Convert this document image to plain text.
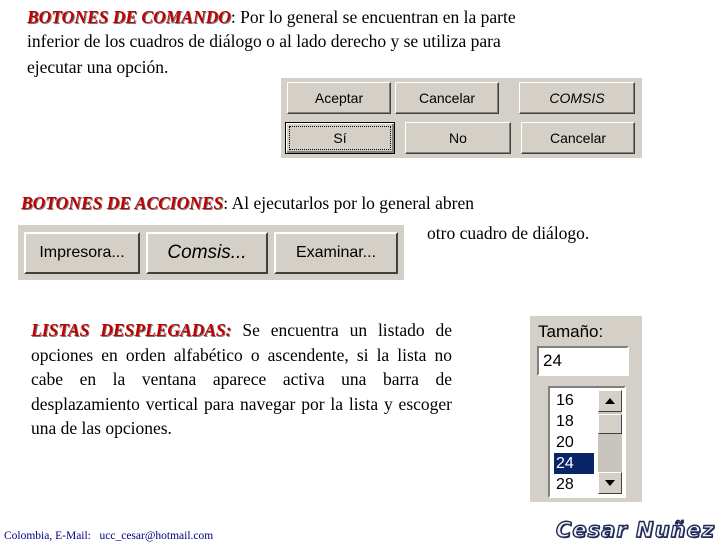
BOTONES DE COMANDO: Por lo general se encuentran en la parte
inferior de los cuadros de diálogo o al lado derecho y se utiliza para
ejecutar una opción.
Aceptar	Cancelar	COMSIS
Sí	No	Cancelar
BOTONES DE ACCIONES: Al ejecutarlos por lo general abren
otro cuadro de diálogo.
Impresora...	Comsis...	Examinar...
LISTAS DESPLEGADAS: Se encuentra un listado de opciones en orden alfabético o ascendente, si la lista no cabe en la ventana aparece activa una barra de desplazamiento vertical para navegar por la lista y escoger una de las opciones.
Tamaño:
24
16
18
20
24
28
Colombia, E-Mail:   ucc_cesar@hotmail.com	Cesar Nuñez
